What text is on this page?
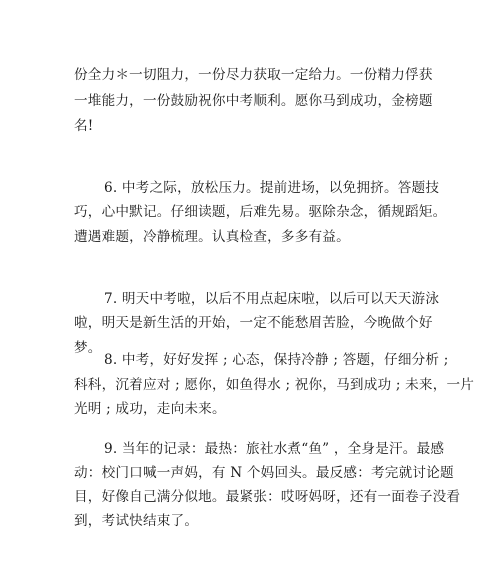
份全力＊一切阻力，一份尽力获取一定给力。一份精力俘获
一堆能力，一份鼓励祝你中考顺利。愿你马到成功，金榜题
名!
6. 中考之际，放松压力。提前进场，以免拥挤。答题技
巧，心中默记。仔细读题，后难先易。驱除杂念，循规蹈矩。
遭遇难题，冷静梳理。认真检查，多多有益。
7. 明天中考啦，以后不用点起床啦，以后可以天天游泳
啦，明天是新生活的开始，一定不能愁眉苦脸，今晚做个好
梦。
8. 中考，好好发挥 ; 心态，保持冷静 ; 答题，仔细分析 ;
科科，沉着应对 ; 愿你，如鱼得水 ; 祝你，马到成功 ; 未来，一片
光明 ; 成功，走向未来。
目，好像自己满分似地。最紧张：哎呀妈呀，还有一面卷子没看
到，考试快结束了。
9. 当年的记录：最热：旅社水煮“鱼” ，全身是汗。最感
动：校门口喊一声妈，有 N 个妈回头。最反感：考完就讨论题
